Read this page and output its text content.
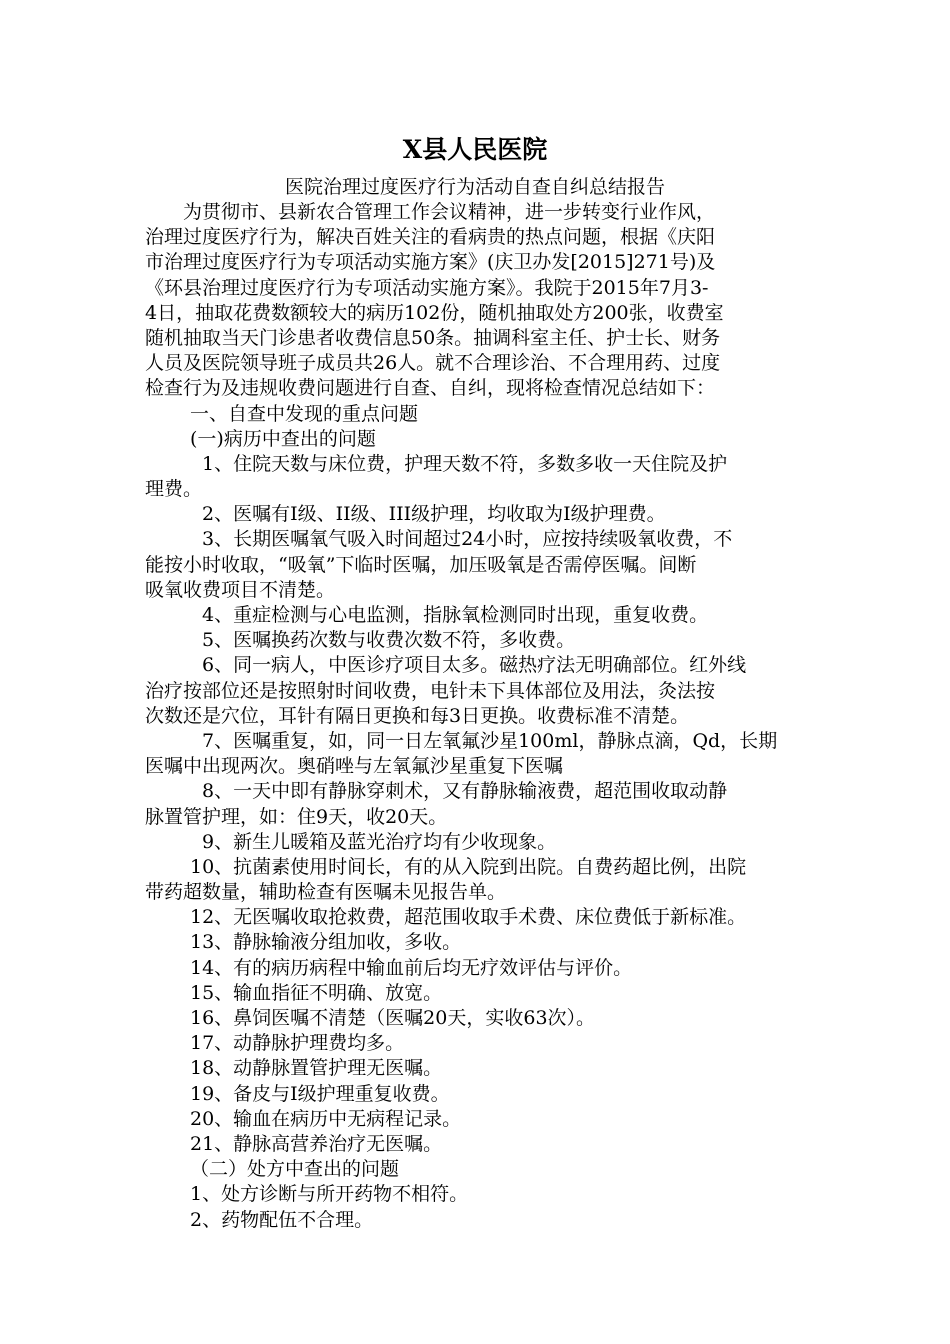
X县人民医院
医院治理过度医疗行为活动自查自纠总结报告
为贯彻市、县新农合管理工作会议精神，进一步转变行业作风，
治理过度医疗行为，解决百姓关注的看病贵的热点问题，根据《庆阳
市治理过度医疗行为专项活动实施方案》(庆卫办发[2015]271号)及
《环县治理过度医疗行为专项活动实施方案》。我院于2015年7月3-
4日，抽取花费数额较大的病历102份，随机抽取处方200张，收费室
随机抽取当天门诊患者收费信息50条。抽调科室主任、护士长、财务
人员及医院领导班子成员共26人。就不合理诊治、不合理用药、过度
检查行为及违规收费问题进行自查、自纠，现将检查情况总结如下：
一、自查中发现的重点问题
(一)病历中查出的问题
1、住院天数与床位费，护理天数不符，多数多收一天住院及护
理费。
2、医嘱有Ⅰ级、II级、III级护理，均收取为Ⅰ级护理费。
3、长期医嘱氧气吸入时间超过24小时，应按持续吸氧收费，不
能按小时收取，“吸氧”下临时医嘱，加压吸氧是否需停医嘱。间断
吸氧收费项目不清楚。
4、重症检测与心电监测，指脉氧检测同时出现，重复收费。
5、医嘱换药次数与收费次数不符，多收费。
6、同一病人，中医诊疗项目太多。磁热疗法无明确部位。红外线
治疗按部位还是按照射时间收费，电针未下具体部位及用法，灸法按
次数还是穴位，耳针有隔日更换和每3日更换。收费标准不清楚。
7、医嘱重复，如，同一日左氧氟沙星100ml，静脉点滴，Qd，长期
医嘱中出现两次。奥硝唑与左氧氟沙星重复下医嘱
8、一天中即有静脉穿刺术，又有静脉输液费，超范围收取动静
脉置管护理，如：住9天，收20天。
9、新生儿暖箱及蓝光治疗均有少收现象。
10、抗菌素使用时间长，有的从入院到出院。自费药超比例，出院
带药超数量，辅助检查有医嘱未见报告单。
12、无医嘱收取抢救费，超范围收取手术费、床位费低于新标准。
13、静脉输液分组加收，多收。
14、有的病历病程中输血前后均无疗效评估与评价。
15、输血指征不明确、放宽。
16、鼻饲医嘱不清楚（医嘱20天，实收63次）。
17、动静脉护理费均多。
18、动静脉置管护理无医嘱。
19、备皮与Ⅰ级护理重复收费。
20、输血在病历中无病程记录。
21、静脉高营养治疗无医嘱。
（二）处方中查出的问题
1、处方诊断与所开药物不相符。
2、药物配伍不合理。
